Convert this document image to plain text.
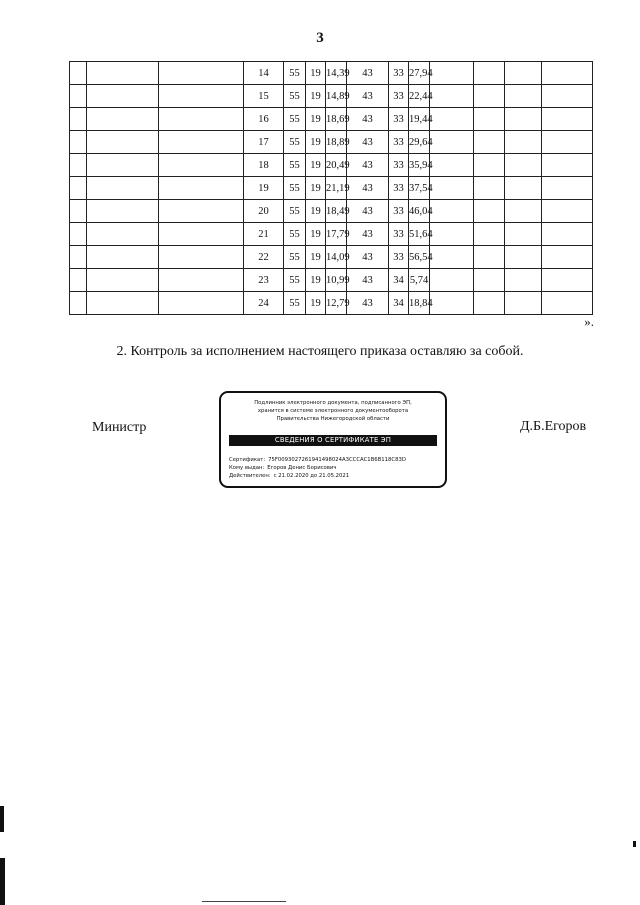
3
			14	55	19	14,39	43	33	27,94				
			15	55	19	14,89	43	33	22,44				
			16	55	19	18,69	43	33	19,44				
			17	55	19	18,89	43	33	29,64				
			18	55	19	20,49	43	33	35,94				
			19	55	19	21,19	43	33	37,54				
			20	55	19	18,49	43	33	46,04				
			21	55	19	17,79	43	33	51,64				
			22	55	19	14,09	43	33	56,54				
			23	55	19	10,99	43	34	5,74				
			24	55	19	12,79	43	34	18,84				
».
2. Контроль за исполнением настоящего приказа оставляю за собой.
Министр
Подлинник электронного документа, подписанного ЭП,
хранится в системе электронного документооборота
Правительства Нижегородской области
СВЕДЕНИЯ О СЕРТИФИКАТЕ ЭП
Сертификат: 75F0093027261941498024A3CCCAC1B6B118C83D
Кому выдан: Егоров Денис Борисович
Действителен: с 21.02.2020 до 21.05.2021
Д.Б.Егоров
